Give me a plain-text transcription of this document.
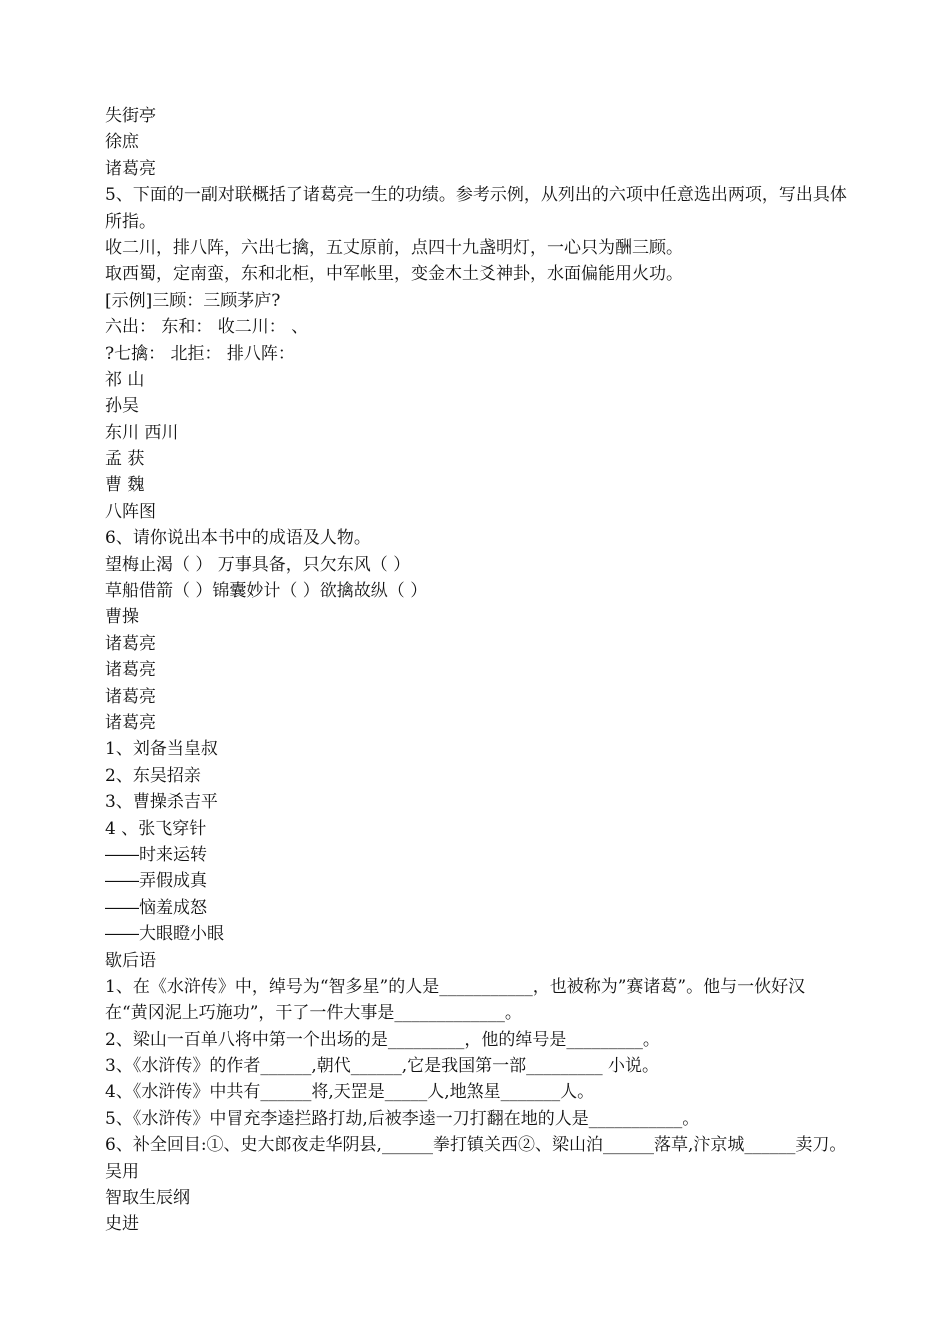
失街亭
徐庶
诸葛亮
5、下面的一副对联概括了诸葛亮一生的功绩。参考示例，从列出的六项中任意选出两项，写出具体
所指。
收二川，排八阵，六出七擒，五丈原前，点四十九盏明灯，一心只为酬三顾。
取西蜀，定南蛮，东和北柜，中军帐里，变金木土爻神卦，水面偏能用火功。
[示例]三顾：三顾茅庐?
六出： 东和： 收二川： 、
?七擒： 北拒： 排八阵：
祁 山
孙吴
东川 西川
孟 获
曹 魏
八阵图
6、请你说出本书中的成语及人物。
望梅止渴（ ） 万事具备，只欠东风（ ）
草船借箭（ ）锦囊妙计（ ）欲擒故纵（ ）
曹操
诸葛亮
诸葛亮
诸葛亮
诸葛亮
1、刘备当皇叔
2、东吴招亲
3、曹操杀吉平
4 、张飞穿针
――时来运转
――弄假成真
――恼羞成怒
――大眼瞪小眼
歇后语
1、在《水浒传》中，绰号为“智多星”的人是___________，也被称为”赛诸葛”。他与一伙好汉
在“黄冈泥上巧施功”，干了一件大事是_____________。
2、梁山一百单八将中第一个出场的是_________，他的绰号是_________。
3、《水浒传》的作者______,朝代______,它是我国第一部_________ 小说。
4、《水浒传》中共有______将,天罡是_____人,地煞星_______人。
5、《水浒传》中冒充李逵拦路打劫,后被李逵一刀打翻在地的人是___________。
6、补全回目:①、史大郎夜走华阴县,______拳打镇关西②、梁山泊______落草,汴京城______卖刀。
吴用
智取生辰纲
史进
